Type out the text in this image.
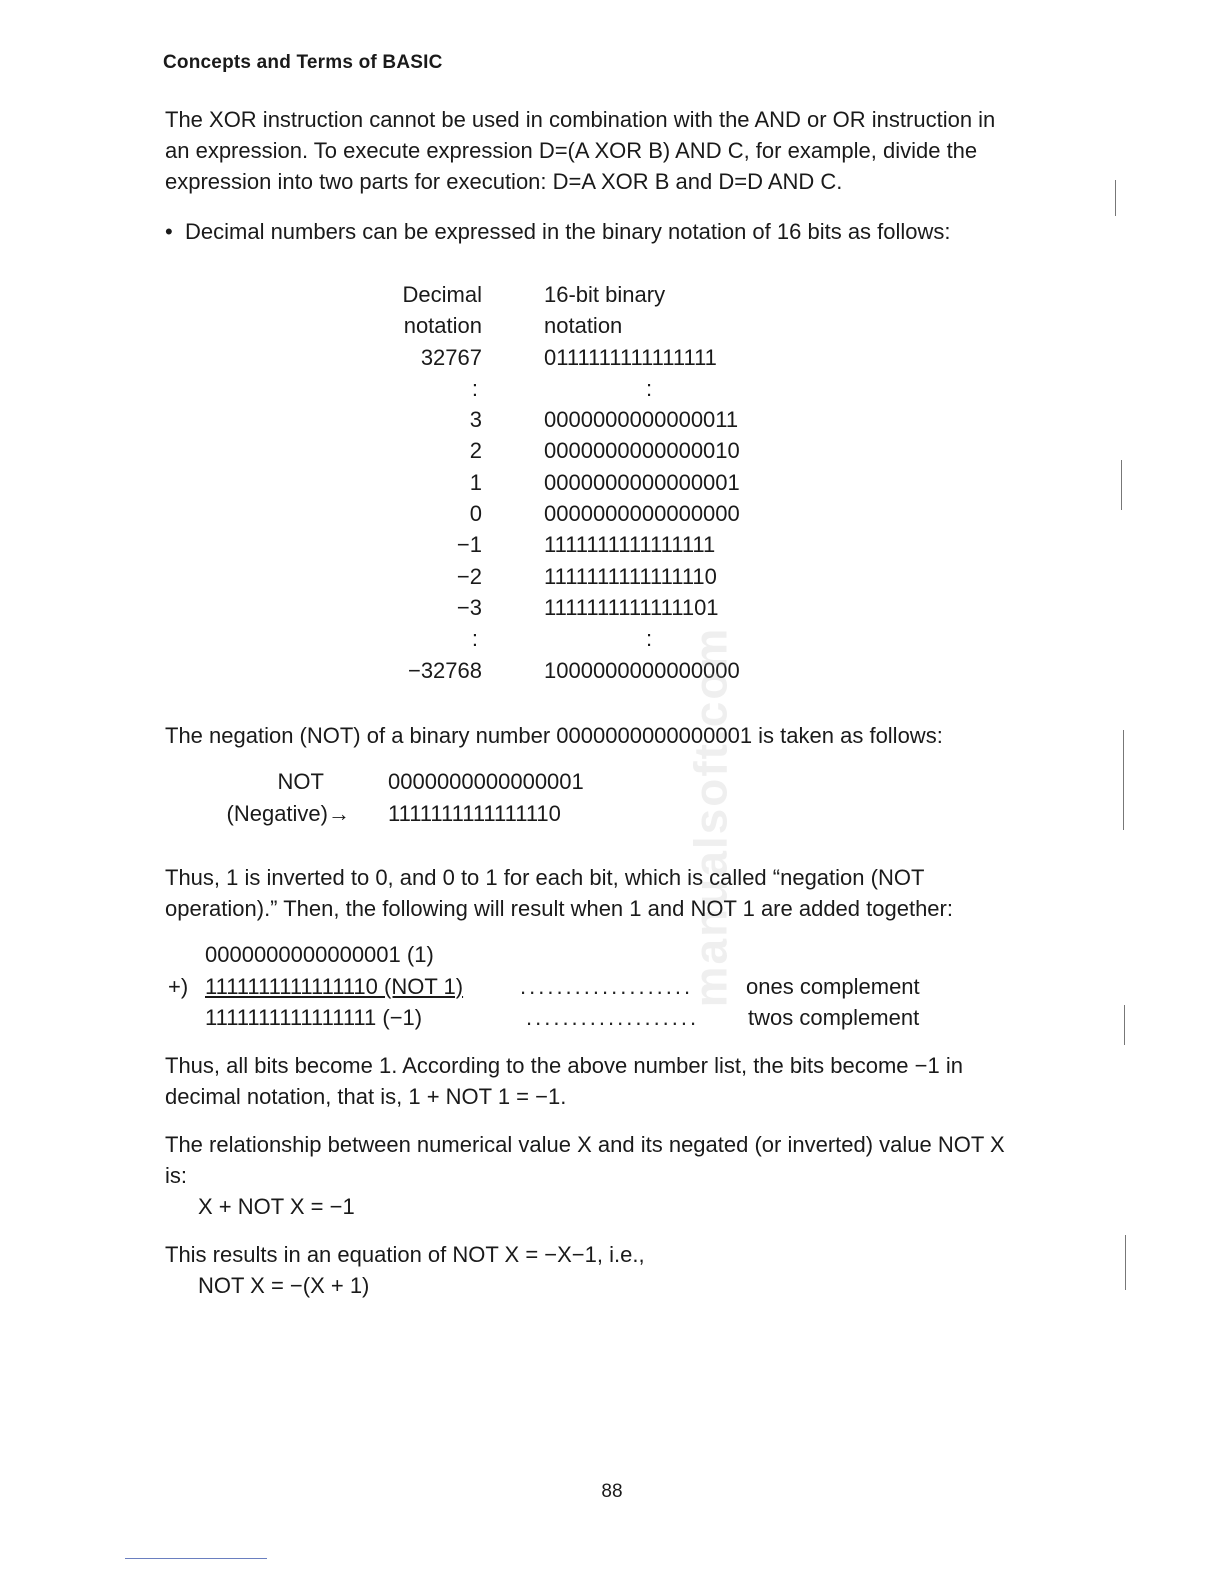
Concepts and Terms of BASIC
The XOR instruction cannot be used in combination with the AND or OR instruction in
an expression. To execute expression D=(A XOR B) AND C, for example, divide the
expression into two parts for execution: D=A XOR B and D=D AND C.
• Decimal numbers can be expressed in the binary notation of 16 bits as follows:
Decimal
notation
32767
:
3
2
1
0
−1
−2
−3
:
−32768
16-bit binary
notation
0111111111111111
:
0000000000000011
0000000000000010
0000000000000001
0000000000000000
1111111111111111
1111111111111110
1111111111111101
:
1000000000000000
manualsoft.com
The negation (NOT) of a binary number 0000000000000001 is taken as follows:
NOT
(Negative)→
0000000000000001
1111111111111110
Thus, 1 is inverted to 0, and 0 to 1 for each bit, which is called “negation (NOT
operation).” Then, the following will result when 1 and NOT 1 are added together:
0000000000000001 (1)
+) 1111111111111110 (NOT 1)	................... ones complement
1111111111111111 (−1)	................... twos complement
Thus, all bits become 1. According to the above number list, the bits become −1 in
decimal notation, that is, 1 + NOT 1 = −1.
The relationship between numerical value X and its negated (or inverted) value NOT X
is:
X + NOT X = −1
This results in an equation of NOT X = −X−1, i.e.,
NOT X = −(X + 1)
88
